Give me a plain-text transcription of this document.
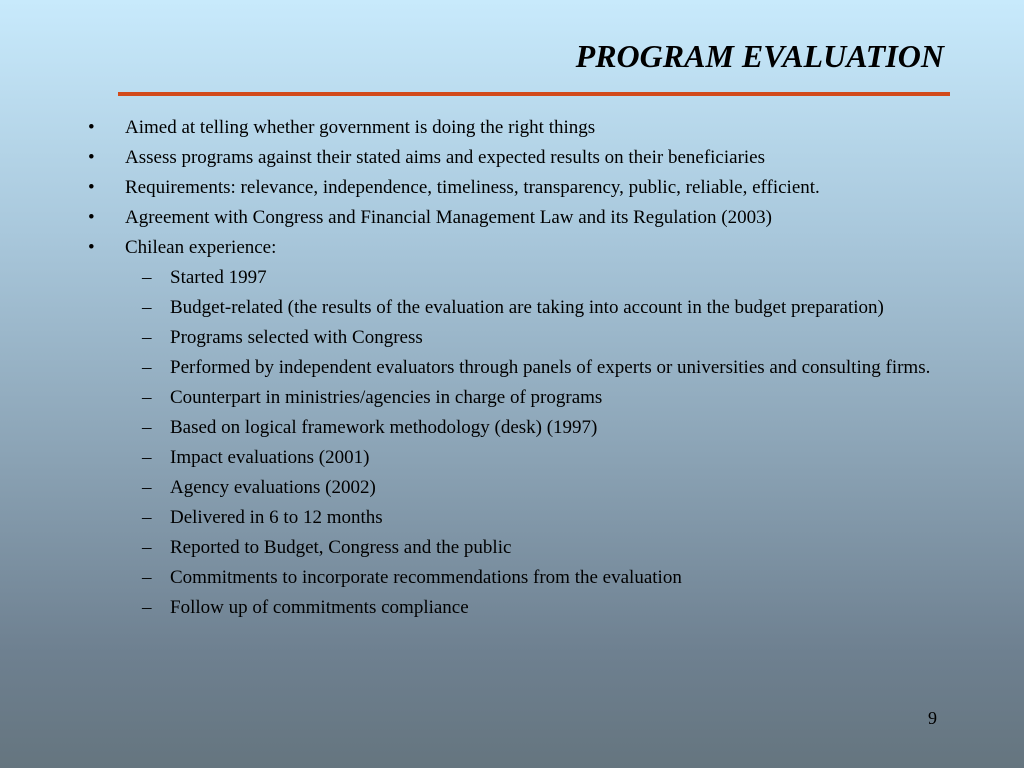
PROGRAM EVALUATION
•	Aimed at telling whether government is doing the right things
•	Assess programs against their stated aims and expected results on their beneficiaries
•	Requirements: relevance, independence, timeliness, transparency, public, reliable, efficient.
•	Agreement with Congress and Financial Management Law and its Regulation (2003)
•	Chilean experience:
– Started 1997
– Budget-related (the results of the evaluation are taking into account in the budget preparation)
– Programs selected with Congress
– Performed by independent evaluators through panels of experts or universities and consulting firms.
– Counterpart in ministries/agencies in charge of programs
– Based on logical framework methodology (desk) (1997)
– Impact evaluations (2001)
– Agency evaluations (2002)
– Delivered in 6 to 12 months
– Reported to Budget, Congress and the public
– Commitments to incorporate recommendations from the evaluation
– Follow up of commitments compliance
9
